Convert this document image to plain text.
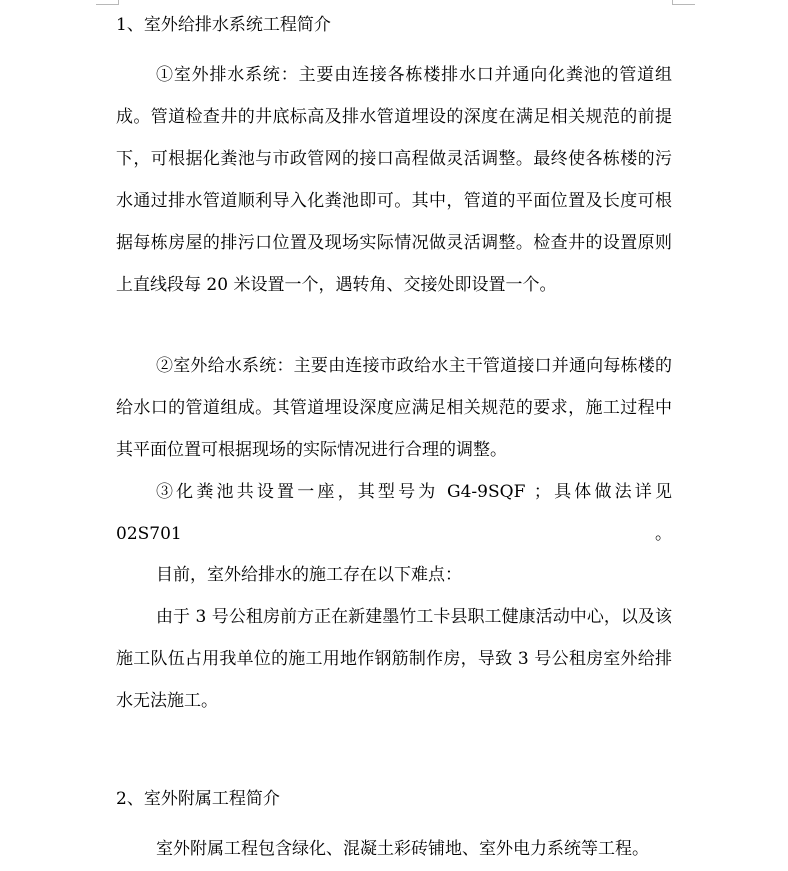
1、室外给排水系统工程简介

①室外排水系统：主要由连接各栋楼排水口并通向化粪池的管道组成。管道检查井的井底标高及排水管道埋设的深度在满足相关规范的前提下，可根据化粪池与市政管网的接口高程做灵活调整。最终使各栋楼的污水通过排水管道顺利导入化粪池即可。其中，管道的平面位置及长度可根据每栋房屋的排污口位置及现场实际情况做灵活调整。检查井的设置原则上直线段每 20 米设置一个，遇转角、交接处即设置一个。

②室外给水系统：主要由连接市政给水主干管道接口并通向每栋楼的给水口的管道组成。其管道埋设深度应满足相关规范的要求，施工过程中其平面位置可根据现场的实际情况进行合理的调整。

③化粪池共设置一座，其型号为 G4-9SQF ；具体做法详见 02S701。

目前，室外给排水的施工存在以下难点：

由于 3 号公租房前方正在新建墨竹工卡县职工健康活动中心，以及该施工队伍占用我单位的施工用地作钢筋制作房，导致 3 号公租房室外给排水无法施工。

2、室外附属工程简介

室外附属工程包含绿化、混凝土彩砖铺地、室外电力系统等工程。
